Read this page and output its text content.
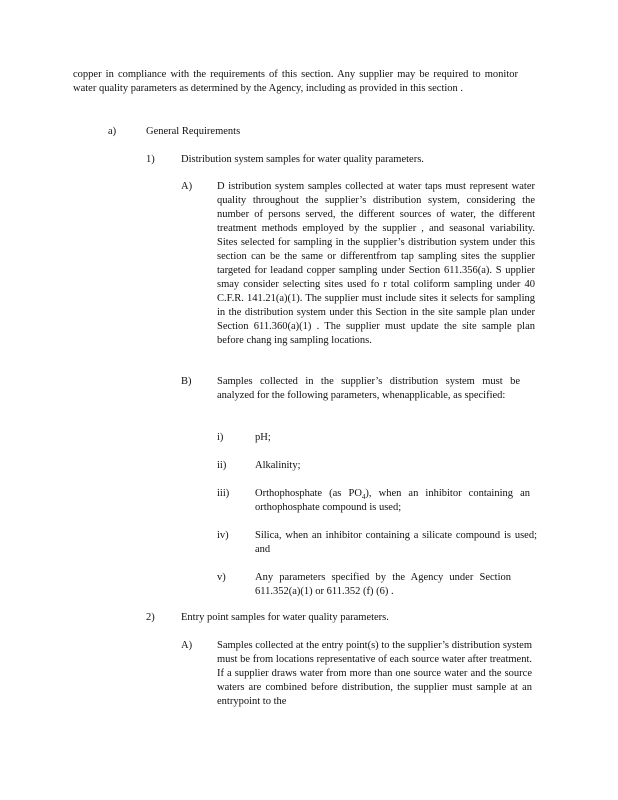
copper in compliance with the requirements of this section. Any supplier may be required to monitor water quality parameters as determined by the Agency, including as provided in this section .
a)	General Requirements
1)	Distribution system samples for water quality parameters.
A) D istribution system samples collected at water taps must represent water quality throughout the supplier’s distribution system, considering the number of persons served, the different sources of water, the different treatment methods employed by the supplier , and seasonal variability. Sites selected for sampling in the supplier’s distribution system under this section can be the same or differentfrom tap sampling sites the supplier targeted for leadand copper sampling under Section 611.356(a). S upplier smay consider selecting sites used fo r total coliform sampling under 40 C.F.R. 141.21(a)(1). The supplier must include sites it selects for sampling in the distribution system under this Section in the site sample plan under Section 611.360(a)(1) . The supplier must update the site sample plan before chang ing sampling locations.
B) Samples collected in the supplier’s distribution system must be analyzed for the following parameters, whenapplicable, as specified:
i)	pH;
ii)	Alkalinity;
iii) Orthophosphate (as $PO_4$), when an inhibitor containing an orthophosphate compound is used;
iv)	Silica, when an inhibitor containing a silicate compound is used; and
v)	Any parameters specified by the Agency under Section 611.352(a)(1) or 611.352 (f) (6) .
2)	Entry point samples for water quality parameters.
A) Samples collected at the entry point(s) to the supplier’s distribution system must be from locations representative of each source water after treatment. If a supplier draws water from more than one source water and the source waters are combined before distribution, the supplier must sample at an entrypoint to the
